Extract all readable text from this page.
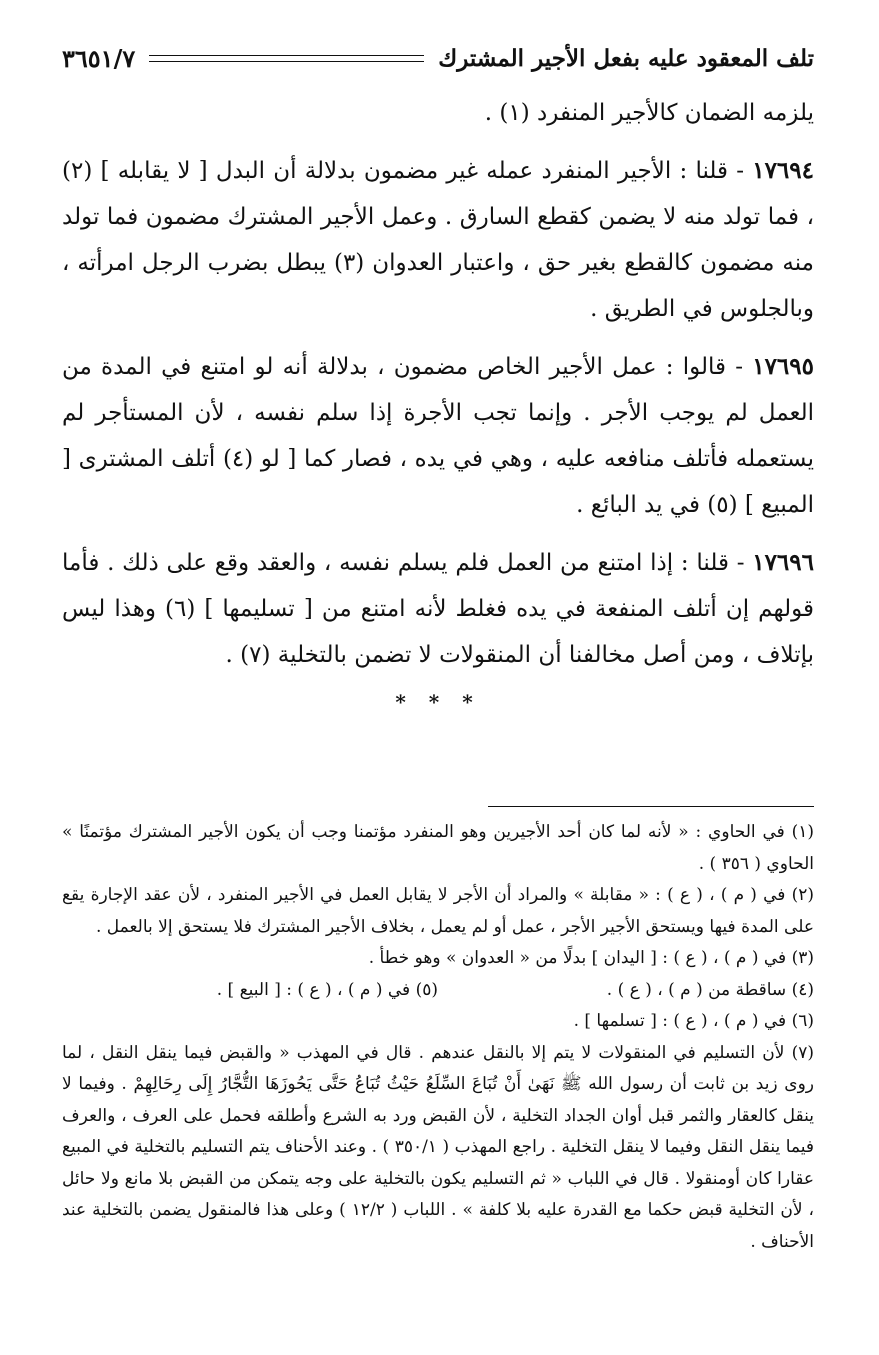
تلف المعقود عليه بفعل الأجير المشترك
٣٦٥١/٧

يلزمه الضمان كالأجير المنفرد (١) .

١٧٦٩٤ - قلنا : الأجير المنفرد عمله غير مضمون بدلالة أن البدل [ لا يقابله ] (٢) ، فما تولد منه لا يضمن كقطع السارق . وعمل الأجير المشترك مضمون فما تولد منه مضمون كالقطع بغير حق ، واعتبار العدوان (٣) يبطل بضرب الرجل امرأته ، وبالجلوس في الطريق .

١٧٦٩٥ - قالوا : عمل الأجير الخاص مضمون ، بدلالة أنه لو امتنع في المدة من العمل لم يوجب الأجر . وإنما تجب الأجرة إذا سلم نفسه ، لأن المستأجر لم يستعمله فأتلف منافعه عليه ، وهي في يده ، فصار كما [ لو (٤) أتلف المشترى [ المبيع ] (٥) في يد البائع .

١٧٦٩٦ - قلنا : إذا امتنع من العمل فلم يسلم نفسه ، والعقد وقع على ذلك . فأما قولهم إن أتلف المنفعة في يده فغلط لأنه امتنع من [ تسليمها ] (٦) وهذا ليس بإتلاف ، ومن أصل مخالفنا أن المنقولات لا تضمن بالتخلية (٧) .

* * *

(١) في الحاوي : « لأنه لما كان أحد الأجيرين وهو المنفرد مؤتمنا وجب أن يكون الأجير المشترك مؤتمنًا » الحاوي ( ٣٥٦ ) .

(٢) في ( م ) ، ( ع ) : « مقابلة » والمراد أن الأجر لا يقابل العمل في الأجير المنفرد ، لأن عقد الإجارة يقع على المدة فيها ويستحق الأجير الأجر ، عمل أو لم يعمل ، بخلاف الأجير المشترك فلا يستحق إلا بالعمل .

(٣) في ( م ) ، ( ع ) : [ اليدان ] بدلًا من « العدوان » وهو خطأ .

(٤) ساقطة من ( م ) ، ( ع ) .

(٥) في ( م ) ، ( ع ) : [ البيع ] .

(٦) في ( م ) ، ( ع ) : [ تسلمها ] .

(٧) لأن التسليم في المنقولات لا يتم إلا بالنقل عندهم . قال في المهذب « والقبض فيما ينقل النقل ، لما روى زيد بن ثابت أن رسول الله ﷺ نَهَىٰ أَنْ تُبَاعَ السِّلَعُ حَيْثُ تُبَاعُ حَتَّى يَحُوزَهَا التُّجَّارُ إِلَى رِحَالِهِمْ . وفيما لا ينقل كالعقار والثمر قبل أوان الجداد التخلية ، لأن القبض ورد به الشرع وأطلقه فحمل على العرف ، والعرف فيما ينقل النقل وفيما لا ينقل التخلية . راجع المهذب ( ٣٥٠/١ ) . وعند الأحناف يتم التسليم بالتخلية في المبيع عقارا كان أومنقولا . قال في اللباب « ثم التسليم يكون بالتخلية على وجه يتمكن من القبض بلا مانع ولا حائل ، لأن التخلية قبض حكما مع القدرة عليه بلا كلفة » . اللباب ( ١٢/٢ ) وعلى هذا فالمنقول يضمن بالتخلية عند الأحناف .
